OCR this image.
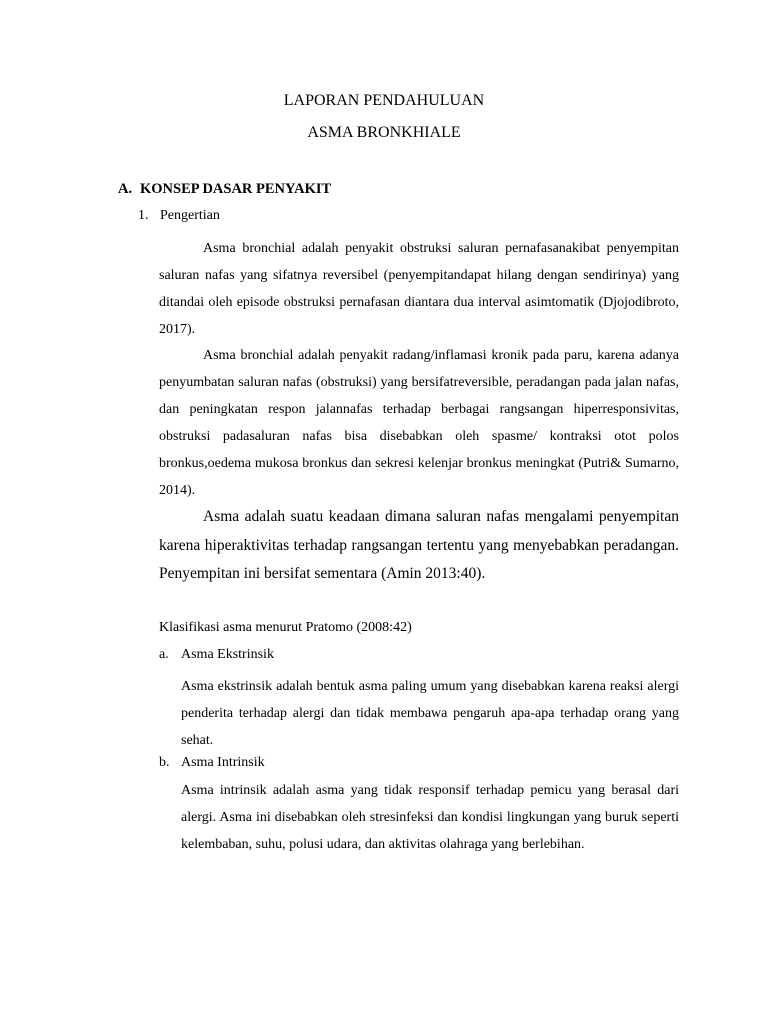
LAPORAN PENDAHULUAN
ASMA BRONKHIALE
A. KONSEP DASAR PENYAKIT
1. Pengertian
Asma bronchial adalah penyakit obstruksi saluran pernafasanakibat penyempitan saluran nafas yang sifatnya reversibel (penyempitandapat hilang dengan sendirinya) yang ditandai oleh episode obstruksi pernafasan diantara dua interval asimtomatik (Djojodibroto, 2017).
Asma bronchial adalah penyakit radang/inflamasi kronik pada paru, karena adanya penyumbatan saluran nafas (obstruksi) yang bersifatreversible, peradangan pada jalan nafas, dan peningkatan respon jalannafas terhadap berbagai rangsangan hiperresponsivitas, obstruksi padasaluran nafas bisa disebabkan oleh spasme/ kontraksi otot polos bronkus,oedema mukosa bronkus dan sekresi kelenjar bronkus meningkat (Putri& Sumarno, 2014).
Asma adalah suatu keadaan dimana saluran nafas mengalami penyempitan karena hiperaktivitas terhadap rangsangan tertentu yang menyebabkan peradangan. Penyempitan ini bersifat sementara (Amin 2013:40).
Klasifikasi asma menurut Pratomo (2008:42)
a. Asma Ekstrinsik
Asma ekstrinsik adalah bentuk asma paling umum yang disebabkan karena reaksi alergi penderita terhadap alergi dan tidak membawa pengaruh apa-apa terhadap orang yang sehat.
b. Asma Intrinsik
Asma intrinsik adalah asma yang tidak responsif terhadap pemicu yang berasal dari alergi. Asma ini disebabkan oleh stresinfeksi dan kondisi lingkungan yang buruk seperti kelembaban, suhu, polusi udara, dan aktivitas olahraga yang berlebihan.
